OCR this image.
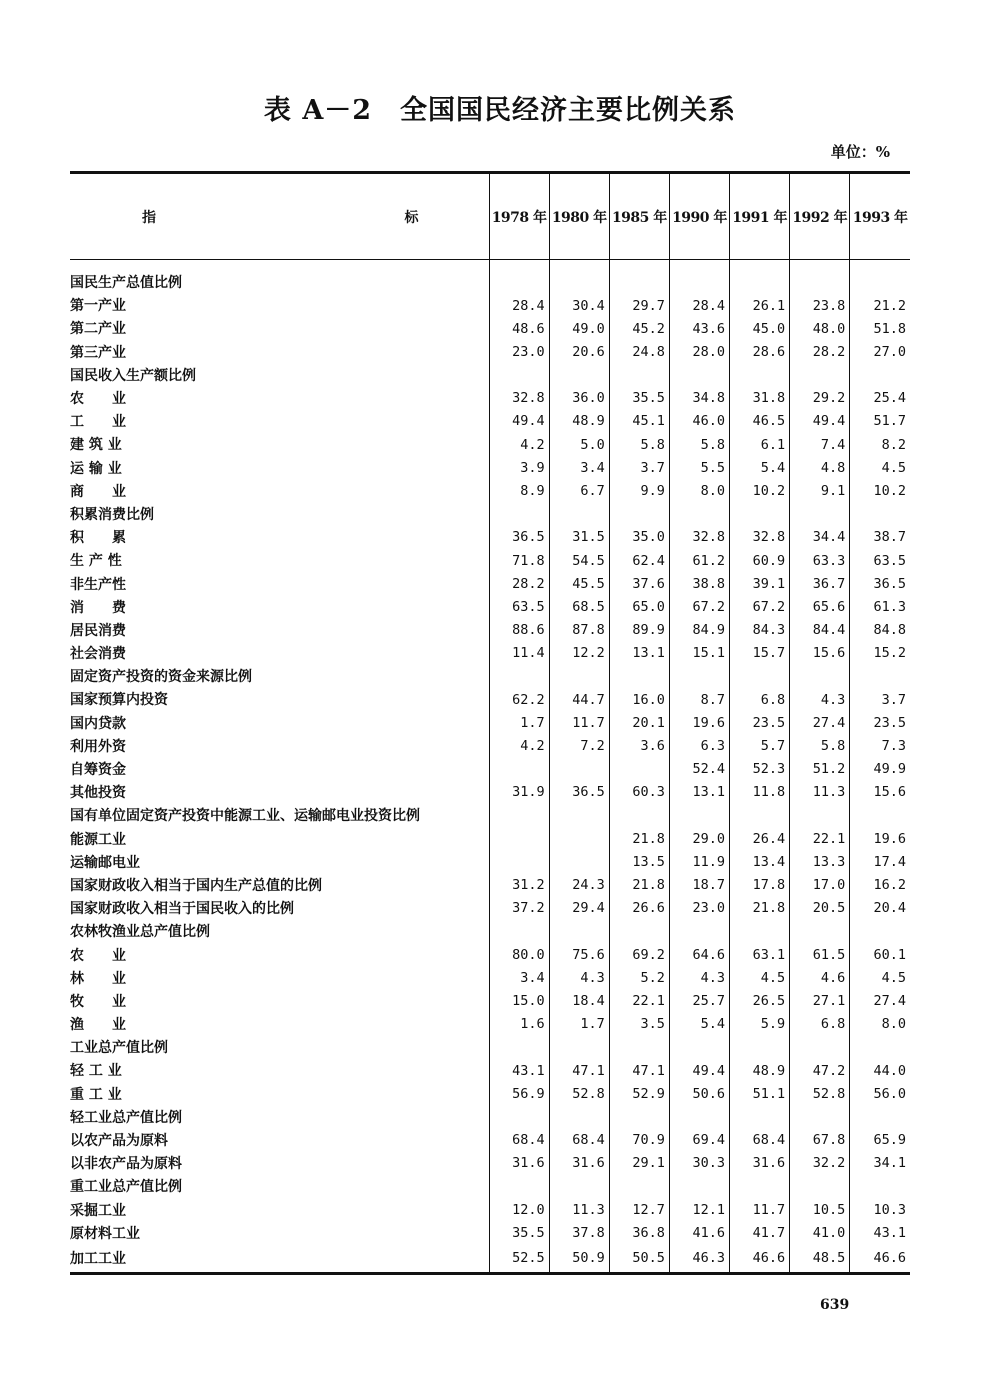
表 A－2　全国国民经济主要比例关系
单位：%
指 标	1978 年	1980 年	1985 年	1990 年	1991 年	1992 年	1993 年

国民生产总值比例							
第一产业	28.4	30.4	29.7	28.4	26.1	23.8	21.2
第二产业	48.6	49.0	45.2	43.6	45.0	48.0	51.8
第三产业	23.0	20.6	24.8	28.0	28.6	28.2	27.0
国民收入生产额比例							
农　　业	32.8	36.0	35.5	34.8	31.8	29.2	25.4
工　　业	49.4	48.9	45.1	46.0	46.5	49.4	51.7
建 筑 业	4.2	5.0	5.8	5.8	6.1	7.4	8.2
运 输 业	3.9	3.4	3.7	5.5	5.4	4.8	4.5
商　　业	8.9	6.7	9.9	8.0	10.2	9.1	10.2
积累消费比例							
积　　累	36.5	31.5	35.0	32.8	32.8	34.4	38.7
生 产 性	71.8	54.5	62.4	61.2	60.9	63.3	63.5
非生产性	28.2	45.5	37.6	38.8	39.1	36.7	36.5
消　　费	63.5	68.5	65.0	67.2	67.2	65.6	61.3
居民消费	88.6	87.8	89.9	84.9	84.3	84.4	84.8
社会消费	11.4	12.2	13.1	15.1	15.7	15.6	15.2
固定资产投资的资金来源比例							
国家预算内投资	62.2	44.7	16.0	8.7	6.8	4.3	3.7
国内贷款	1.7	11.7	20.1	19.6	23.5	27.4	23.5
利用外资	4.2	7.2	3.6	6.3	5.7	5.8	7.3
自筹资金				52.4	52.3	51.2	49.9
其他投资	31.9	36.5	60.3	13.1	11.8	11.3	15.6
国有单位固定资产投资中能源工业、运输邮电业投资比例							
能源工业			21.8	29.0	26.4	22.1	19.6
运输邮电业			13.5	11.9	13.4	13.3	17.4
国家财政收入相当于国内生产总值的比例	31.2	24.3	21.8	18.7	17.8	17.0	16.2
国家财政收入相当于国民收入的比例	37.2	29.4	26.6	23.0	21.8	20.5	20.4
农林牧渔业总产值比例							
农　　业	80.0	75.6	69.2	64.6	63.1	61.5	60.1
林　　业	3.4	4.3	5.2	4.3	4.5	4.6	4.5
牧　　业	15.0	18.4	22.1	25.7	26.5	27.1	27.4
渔　　业	1.6	1.7	3.5	5.4	5.9	6.8	8.0
工业总产值比例							
轻 工 业	43.1	47.1	47.1	49.4	48.9	47.2	44.0
重 工 业	56.9	52.8	52.9	50.6	51.1	52.8	56.0
轻工业总产值比例							
以农产品为原料	68.4	68.4	70.9	69.4	68.4	67.8	65.9
以非农产品为原料	31.6	31.6	29.1	30.3	31.6	32.2	34.1
重工业总产值比例							
采掘工业	12.0	11.3	12.7	12.1	11.7	10.5	10.3
原材料工业	35.5	37.8	36.8	41.6	41.7	41.0	43.1
加工工业	52.5	50.9	50.5	46.3	46.6	48.5	46.6
639
